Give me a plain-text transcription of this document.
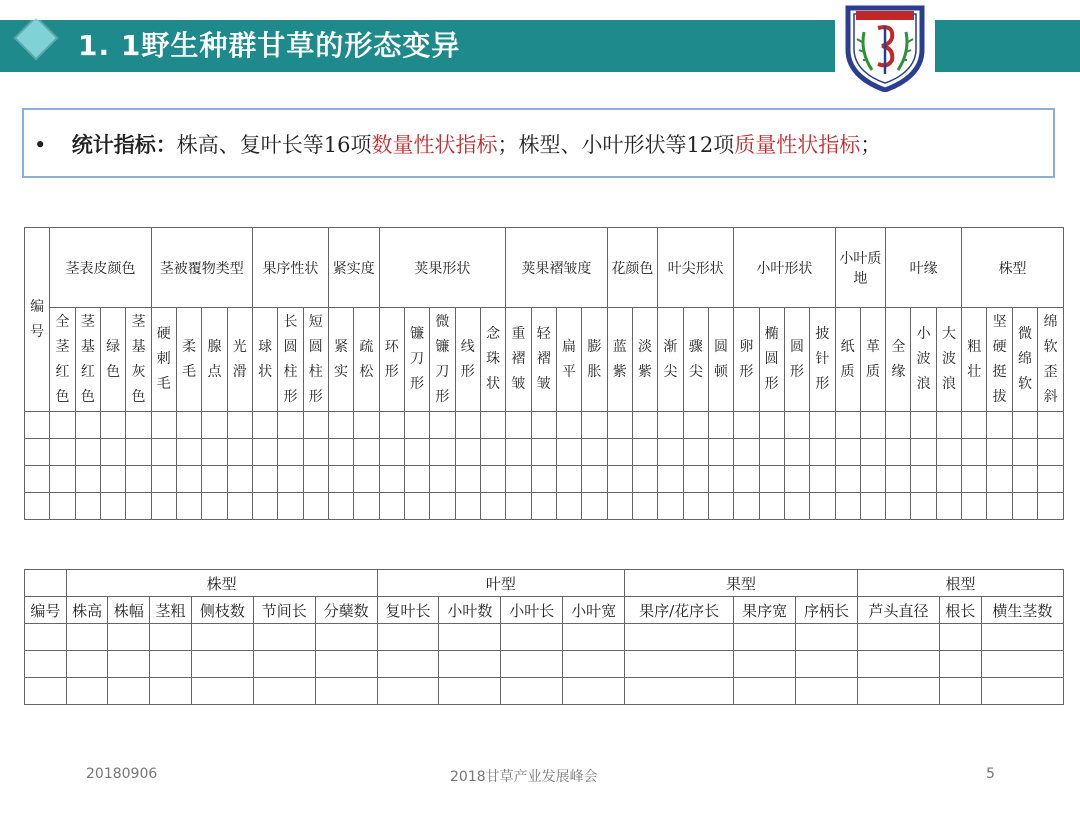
1. 1野生种群甘草的形态变异
• 统计指标：株高、复叶长等16项数量性状指标；株型、小叶形状等12项质量性状指标；
编
号	茎表皮颜色				茎被覆物类型				果序性状			紧实度		荚果形状					荚果褶皱度				花颜色		叶尖形状			小叶形状				小叶质地		叶缘			株型			

	全
茎
红
色	茎
基
红
色	绿
色	茎
基
灰
色	硬
刺
毛	柔
毛	腺
点	光
滑	球
状	长
圆
柱
形	短
圆
柱
形	紧
实	疏
松	环
形	镰
刀
形	微
镰
刀
形	线
形	念
珠
状	重
褶
皱	轻
褶
皱	扁
平	膨
胀	蓝
紫	淡
紫	渐
尖	骤
尖	圆
顿	卵
形	椭
圆
形	圆
形	披
针
形	纸
质	革
质	全
缘	小
波
浪	大
波
浪	粗
壮	坚
硬
挺
拔	微
绵
软	绵
软
歪
斜

	株型						叶型				果型			根型		
编号	株高	株幅	茎粗	侧枝数	节间长	分蘖数	复叶长	小叶数	小叶长	小叶宽	果序/花序长	果序宽	序柄长	芦头直径	根长	横生茎数

20180906	2018甘草产业发展峰会	5
